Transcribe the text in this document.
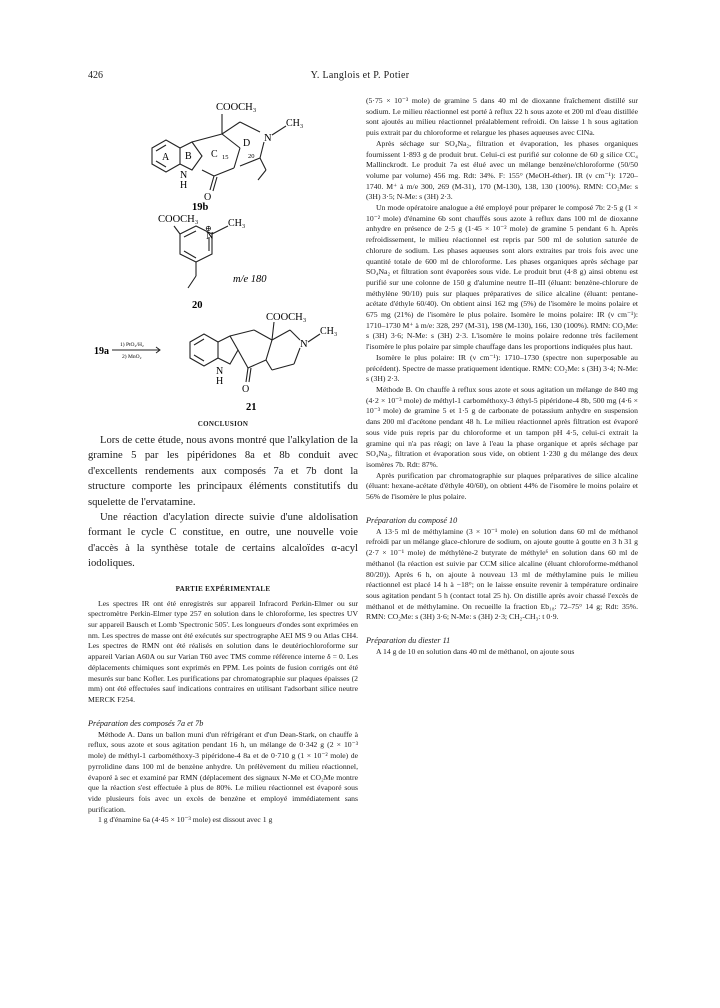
426	Y. Langlois et P. Potier
COOCH₃
N
CH₃
A B C
D
15	20
N
H
O
19b
COOCH₃
N
⊕ CH₃
m/e 180
20
19a
1) PtO₂/H₂
2) MnO₂
COOCH₃
N
CH₃
N
H
O
21
CONCLUSION

Lors de cette étude, nous avons montré que l'alkylation de la gramine 5 par les pipéridones 8a et 8b conduit avec d'excellents rendements aux composés 7a et 7b dont la structure comporte les principaux éléments constitutifs du squelette de l'ervatamine.

Une réaction d'acylation directe suivie d'une aldolisation formant le cycle C constitue, en outre, une nouvelle voie d'accès à la synthèse totale de certains alcaloïdes α-acyl iodoliques.

PARTIE EXPÉRIMENTALE

Les spectres IR ont été enregistrés sur appareil Infracord Perkin-Elmer ou sur spectromètre Perkin-Elmer type 257 en solution dans le chloroforme, les spectres UV sur appareil Bausch et Lomb 'Spectronic 505'. Les longueurs d'ondes sont exprimées en nm. Les spectres de masse ont été exécutés sur spectrographe AEI MS 9 ou Atlas CH4. Les spectres de RMN ont été réalisés en solution dans le deutériochloroforme sur appareil Varian A60A ou sur Varian T60 avec TMS comme référence interne δ = 0. Les déplacements chimiques sont exprimés en PPM. Les points de fusion corrigés ont été mesurés sur banc Kofler. Les purifications par chromatographie sur plaques épaisses (2 mm) ont été effectuées sauf indications contraires en utilisant l'adsorbant silice neutre MERCK F254.

Préparation des composés 7a et 7b

Méthode A. Dans un ballon muni d'un réfrigérant et d'un Dean-Stark, on chauffe à reflux, sous azote et sous agitation pendant 16 h, un mélange de 0·342 g (2 × 10⁻³ mole) de méthyl-1 carbométhoxy-3 pipéridone-4 8a et de 0·710 g (1 × 10⁻² mole) de pyrrolidine dans 100 ml de benzène anhydre. Un prélèvement du milieu réactionnel, évaporé à sec et examiné par RMN (déplacement des signaux N-Me et CO₂Me montre que la réaction s'est effectuée à plus de 80%. Le milieu réactionnel est évaporé sous vide plusieurs fois avec un excès de benzène et employé immédiatement sans purification.

1 g d'énamine 6a (4·45 × 10⁻³ mole) est dissout avec 1 g

(5·75 × 10⁻³ mole) de gramine 5 dans 40 ml de dioxanne fraîchement distillé sur sodium. Le milieu réactionnel est porté à reflux 22 h sous azote et 200 ml d'eau distillée sont ajoutés au milieu réactionnel préalablement refroidi. On laisse 1 h sous agitation puis extrait par du chloroforme et relargue les phases aqueuses avec ClNa.

Après séchage sur SO₄Na₂, filtration et évaporation, les phases organiques fournissent 1·893 g de produit brut. Celui-ci est purifié sur colonne de 60 g silice CC₄ Mallinckrodt. Le produit 7a est élué avec un mélange benzène/chloroforme (50/50 volume par volume) 456 mg. Rdt: 34%. F: 155° (MeOH-éther). IR (ν cm⁻¹): 1720–1740. M⁺ à m/e 300, 269 (M-31), 170 (M-130), 138, 130 (100%). RMN: CO₂Me: s (3H) 3·5; N-Me: s (3H) 2·3.

Un mode opératoire analogue a été employé pour préparer le composé 7b: 2·5 g (1 × 10⁻² mole) d'énamine 6b sont chauffés sous azote à reflux dans 100 ml de dioxanne anhydre en présence de 2·5 g (1·45 × 10⁻² mole) de gramine 5 pendant 6 h. Après refroidissement, le milieu réactionnel est repris par 500 ml de solution saturée de chlorure de sodium. Les phases aqueuses sont alors extraites par trois fois avec une quantité totale de 600 ml de chloroforme. Les phases organiques après séchage par SO₄Na₂ et filtration sont évaporées sous vide. Le produit brut (4·8 g) ainsi obtenu est purifié sur une colonne de 150 g d'alumine neutre II–III (éluant: benzène-chlorure de méthylène 90/10) puis sur plaques préparatives de silice alcaline (éluant: pentane-acétate d'éthyle 60/40). On obtient ainsi 162 mg (5%) de l'isomère le moins polaire et 675 mg (21%) de l'isomère le plus polaire. Isomère le moins polaire: IR (ν cm⁻¹): 1710–1730 M⁺ à m/e: 328, 297 (M-31), 198 (M-130), 166, 130 (100%). RMN: CO₂Me: s (3H) 3·6; N-Me: s (3H) 2·3. L'isomère le moins polaire redonne très facilement l'isomère le plus polaire par simple chauffage dans les proportions indiquées plus haut.

Isomère le plus polaire: IR (ν cm⁻¹): 1710–1730 (spectre non superposable au précédent). Spectre de masse pratiquement identique. RMN: CO₂Me: s (3H) 3·4; N-Me: s (3H) 2·3.

Méthode B. On chauffe à reflux sous azote et sous agitation un mélange de 840 mg (4·2 × 10⁻³ mole) de méthyl-1 carbométhoxy-3 éthyl-5 pipéridone-4 8b, 500 mg (4·6 × 10⁻³ mole) de gramine 5 et 1·5 g de carbonate de potassium anhydre en suspension dans 200 ml d'acétone pendant 48 h. Le milieu réactionnel après filtration est évaporé sous vide puis repris par du chloroforme et un tampon pH 4·5, celui-ci extrait la gramine qui n'a pas réagi; on lave à l'eau la phase organique et après séchage par SO₄Na₂, filtration et évaporation sous vide, on obtient 1·230 g du mélange des deux isomères 7b. Rdt: 87%.

Après purification par chromatographie sur plaques préparatives de silice alcaline (éluant: hexane-acétate d'éthyle 40/60), on obtient 44% de l'isomère le moins polaire et 56% de l'isomère le plus polaire.

Préparation du composé 10

A 13·5 ml de méthylamine (3 × 10⁻¹ mole) en solution dans 60 ml de méthanol refroidi par un mélange glace-chlorure de sodium, on ajoute goutte à goutte en 3 h 31 g (2·7 × 10⁻¹ mole) de méthylène-2 butyrate de méthyle⁶ en solution dans 60 ml de méthanol (la réaction est suivie par CCM silice alcaline (éluant chloroforme-méthanol 80/20)). Après 6 h, on ajoute à nouveau 13 ml de méthylamine puis le milieu réactionnel est placé 14 h à −18°; on le laisse ensuite revenir à température ordinaire sous agitation pendant 5 h (contact total 25 h). On distille après avoir chassé l'excès de méthanol et de méthylamine. On recueille la fraction Eb₁₈: 72–75° 14 g; Rdt: 35%. RMN: CO₂Me: s (3H) 3·6; N-Me: s (3H) 2·3; CH₂-CH₃: t 0·9.

Préparation du diester 11

A 14 g de 10 en solution dans 40 ml de méthanol, on ajoute sous
